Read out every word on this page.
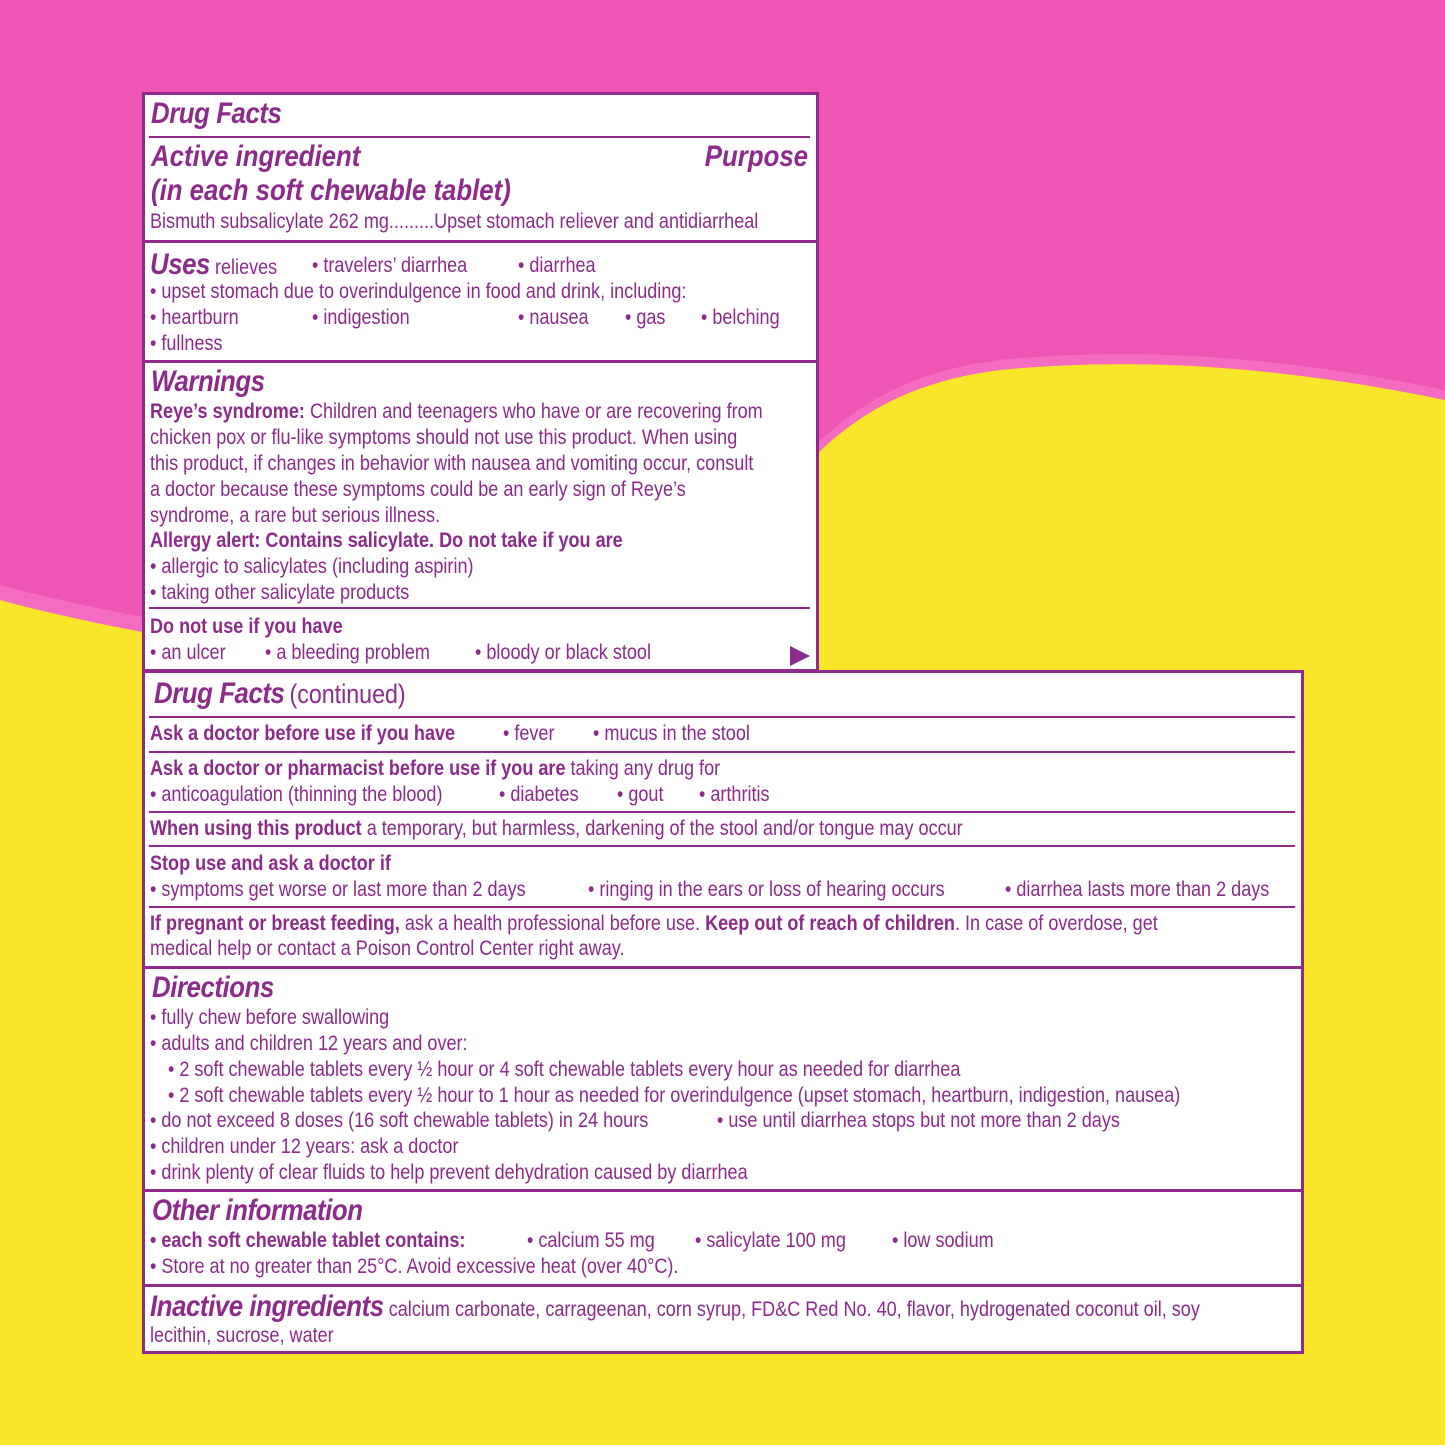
Drug Facts
Active ingredient	Purpose
(in each soft chewable tablet)
Bismuth subsalicylate 262 mg.........Upset stomach reliever and antidiarrheal
Uses relieves • travelers’ diarrhea • diarrhea
• upset stomach due to overindulgence in food and drink, including:
• heartburn	• indigestion	• nausea • gas • belching
• fullness
Warnings
Reye’s syndrome: Children and teenagers who have or are recovering from
chicken pox or flu-like symptoms should not use this product. When using
this product, if changes in behavior with nausea and vomiting occur, consult
a doctor because these symptoms could be an early sign of Reye’s
syndrome, a rare but serious illness.
Allergy alert: Contains salicylate. Do not take if you are
• allergic to salicylates (including aspirin)
• taking other salicylate products
Do not use if you have
• an ulcer • a bleeding problem • bloody or black stool
Drug Facts (continued)
Ask a doctor before use if you have • fever • mucus in the stool
Ask a doctor or pharmacist before use if you are taking any drug for
• anticoagulation (thinning the blood)	• diabetes • gout • arthritis
When using this product a temporary, but harmless, darkening of the stool and/or tongue may occur
Stop use and ask a doctor if
• symptoms get worse or last more than 2 days	• ringing in the ears or loss of hearing occurs	• diarrhea lasts more than 2 days
If pregnant or breast feeding, ask a health professional before use. Keep out of reach of children. In case of overdose, get
medical help or contact a Poison Control Center right away.
Directions
• fully chew before swallowing
• adults and children 12 years and over:
• 2 soft chewable tablets every ½ hour or 4 soft chewable tablets every hour as needed for diarrhea
• 2 soft chewable tablets every ½ hour to 1 hour as needed for overindulgence (upset stomach, heartburn, indigestion, nausea)
• do not exceed 8 doses (16 soft chewable tablets) in 24 hours	• use until diarrhea stops but not more than 2 days
• children under 12 years: ask a doctor
• drink plenty of clear fluids to help prevent dehydration caused by diarrhea
Other information
• each soft chewable tablet contains:	• calcium 55 mg • salicylate 100 mg • low sodium
• Store at no greater than 25°C. Avoid excessive heat (over 40°C).
Inactive ingredients calcium carbonate, carrageenan, corn syrup, FD&C Red No. 40, flavor, hydrogenated coconut oil, soy
lecithin, sucrose, water
